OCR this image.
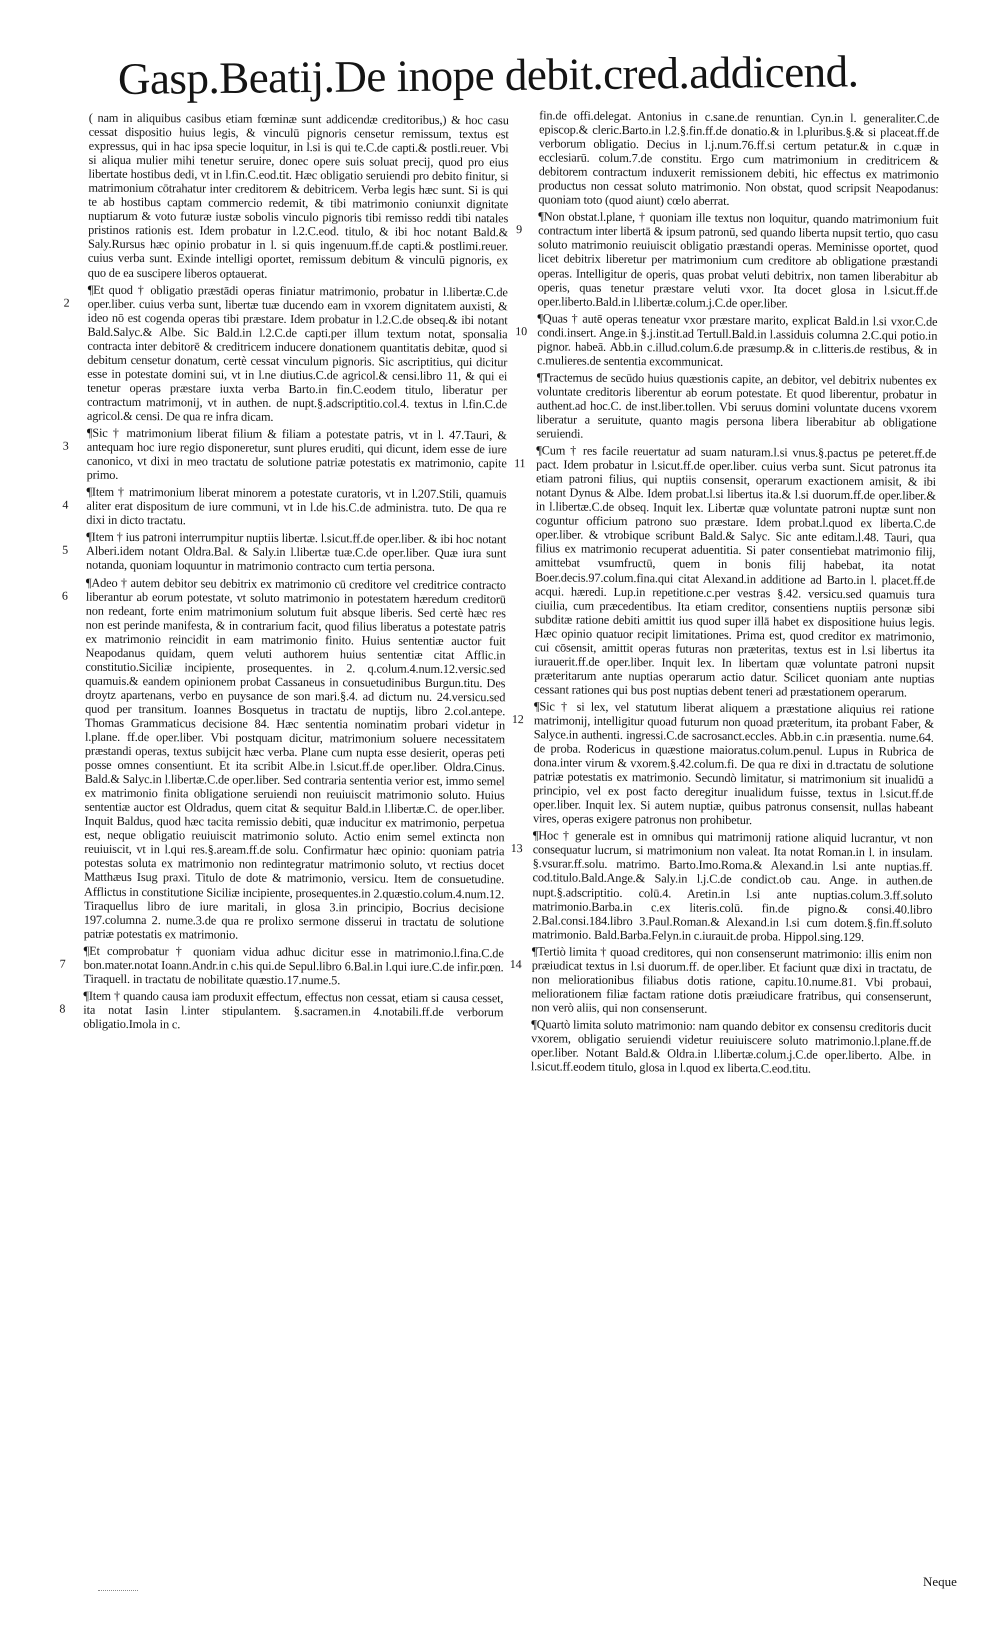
Gasp.Beatij.De inope debit.cred.addicend.

( nam in aliquibus casibus etiam fœminæ sunt addicendæ creditoribus,) & hoc casu cessat dispositio huius legis, & vinculū pignoris censetur remissum, textus est expressus, qui in hac ipsa specie loquitur, in l.si is qui te.C.de capti.& postli.reuer. Vbi si aliqua mulier mihi tenetur seruire, donec opere suis soluat precij, quod pro eius libertate hostibus dedi, vt in l.fin.C.eod.tit. Hæc obligatio seruiendi pro debito finitur, si matrimonium cōtrahatur inter creditorem & debitricem. Verba legis hæc sunt. Si is qui te ab hostibus captam commercio redemit, & tibi matrimonio coniunxit dignitate nuptiarum & voto futuræ iustæ sobolis vinculo pignoris tibi remisso reddi tibi natales pristinos rationis est. Idem probatur in l.2.C.eod. titulo, & ibi hoc notant Bald.& Saly.Rursus hæc opinio probatur in l. si quis ingenuum.ff.de capti.& postlimi.reuer. cuius verba sunt. Exinde intelligi oportet, remissum debitum & vinculū pignoris, ex quo de ea suscipere liberos optauerat.

2
¶Et quod † obligatio præstādi operas finiatur matrimonio, probatur in l.libertæ.C.de oper.liber. cuius verba sunt, libertæ tuæ ducendo eam in vxorem dignitatem auxisti, & ideo nō est cogenda operas tibi præstare. Idem probatur in l.2.C.de obseq.& ibi notant Bald.Salyc.& Albe. Sic Bald.in l.2.C.de capti.per illum textum notat, sponsalia contracta inter debitorē & creditricem inducere donationem quantitatis debitæ, quod si debitum censetur donatum, certè cessat vinculum pignoris. Sic ascriptitius, qui dicitur esse in potestate domini sui, vt in l.ne diutius.C.de agricol.& censi.libro 11, & qui ei tenetur operas præstare iuxta verba Barto.in fin.C.eodem titulo, liberatur per contractum matrimonij, vt in authen. de nupt.§.adscriptitio.col.4. textus in l.fin.C.de agricol.& censi. De qua re infra dicam.

3
¶Sic † matrimonium liberat filium & filiam a potestate patris, vt in l. 47.Tauri, & antequam hoc iure regio disponeretur, sunt plures eruditi, qui dicunt, idem esse de iure canonico, vt dixi in meo tractatu de solutione patriæ potestatis ex matrimonio, capite primo.

4
¶Item † matrimonium liberat minorem a potestate curatoris, vt in l.207.Stili, quamuis aliter erat dispositum de iure communi, vt in l.de his.C.de administra. tuto. De qua re dixi in dicto tractatu.

5
¶Item † ius patroni interrumpitur nuptiis libertæ. l.sicut.ff.de oper.liber. & ibi hoc notant Alberi.idem notant Oldra.Bal. & Saly.in l.libertæ tuæ.C.de oper.liber. Quæ iura sunt notanda, quoniam loquuntur in matrimonio contracto cum tertia persona.

6
¶Adeo † autem debitor seu debitrix ex matrimonio cū creditore vel creditrice contracto liberantur ab eorum potestate, vt soluto matrimonio in potestatem hæredum creditorū non redeant, forte enim matrimonium solutum fuit absque liberis. Sed certè hæc res non est perinde manifesta, & in contrarium facit, quod filius liberatus a potestate patris ex matrimonio reincidit in eam matrimonio finito. Huius sententiæ auctor fuit Neapodanus quidam, quem veluti authorem huius sententiæ citat Afflic.in constitutio.Siciliæ incipiente, prosequentes. in 2. q.colum.4.num.12.versic.sed quamuis.& eandem opinionem probat Cassaneus in consuetudinibus Burgun.titu. Des droytz apartenans, verbo en puysance de son mari.§.4. ad dictum nu. 24.versicu.sed quod per transitum. Ioannes Bosquetus in tractatu de nuptijs, libro 2.col.antepe. Thomas Grammaticus decisione 84. Hæc sententia nominatim probari videtur in l.plane. ff.de oper.liber. Vbi postquam dicitur, matrimonium soluere necessitatem præstandi operas, textus subijcit hæc verba. Plane cum nupta esse desierit, operas peti posse omnes consentiunt. Et ita scribit Albe.in l.sicut.ff.de oper.liber. Oldra.Cinus. Bald.& Salyc.in l.libertæ.C.de oper.liber. Sed contraria sententia verior est, immo semel ex matrimonio finita obligatione seruiendi non reuiuiscit matrimonio soluto. Huius sententiæ auctor est Oldradus, quem citat & sequitur Bald.in l.libertæ.C. de oper.liber. Inquit Baldus, quod hæc tacita remissio debiti, quæ inducitur ex matrimonio, perpetua est, neque obligatio reuiuiscit matrimonio soluto. Actio enim semel extincta non reuiuiscit, vt in l.qui res.§.aream.ff.de solu. Confirmatur hæc opinio: quoniam patria potestas soluta ex matrimonio non redintegratur matrimonio soluto, vt rectius docet Matthæus Isug praxi. Titulo de dote & matrimonio, versicu. Item de consuetudine. Afflictus in constitutione Siciliæ incipiente, prosequentes.in 2.quæstio.colum.4.num.12. Tiraquellus libro de iure maritali, in glosa 3.in principio, Bocrius decisione 197.columna 2. nume.3.de qua re prolixo sermone disserui in tractatu de solutione patriæ potestatis ex matrimonio.

7
¶Et comprobatur † quoniam vidua adhuc dicitur esse in matrimonio.l.fina.C.de bon.mater.notat Ioann.Andr.in c.his qui.de Sepul.libro 6.Bal.in l.qui iure.C.de infir.pœn. Tiraquell. in tractatu de nobilitate quæstio.17.nume.5.

8
¶Item † quando causa iam produxit effectum, effectus non cessat, etiam si causa cesset, ita notat Iasin l.inter stipulantem. §.sacramen.in 4.notabili.ff.de verborum obligatio.Imola in c.

fin.de offi.delegat. Antonius in c.sane.de renuntian. Cyn.in l. generaliter.C.de episcop.& cleric.Barto.in l.2.§.fin.ff.de donatio.& in l.pluribus.§.& si placeat.ff.de verborum obligatio. Decius in l.j.num.76.ff.si certum petatur.& in c.quæ in ecclesiarū. colum.7.de constitu. Ergo cum matrimonium in creditricem & debitorem contractum induxerit remissionem debiti, hic effectus ex matrimonio productus non cessat soluto matrimonio. Non obstat, quod scripsit Neapodanus: quoniam toto (quod aiunt) cœlo aberrat.

9
¶Non obstat.l.plane, † quoniam ille textus non loquitur, quando matrimonium fuit contractum inter libertā & ipsum patronū, sed quando liberta nupsit tertio, quo casu soluto matrimonio reuiuiscit obligatio præstandi operas. Meminisse oportet, quod licet debitrix liberetur per matrimonium cum creditore ab obligatione præstandi operas. Intelligitur de operis, quas probat veluti debitrix, non tamen liberabitur ab operis, quas tenetur præstare veluti vxor. Ita docet glosa in l.sicut.ff.de oper.liberto.Bald.in l.libertæ.colum.j.C.de oper.liber.

10
¶Quas † autē operas teneatur vxor præstare marito, explicat Bald.in l.si vxor.C.de condi.insert. Ange.in §.j.instit.ad Tertull.Bald.in l.assiduis columna 2.C.qui potio.in pignor. habeā. Abb.in c.illud.colum.6.de præsump.& in c.litteris.de restibus, & in c.mulieres.de sententia excommunicat.

¶Tractemus de secūdo huius quæstionis capite, an debitor, vel debitrix nubentes ex voluntate creditoris liberentur ab eorum potestate. Et quod liberentur, probatur in authent.ad hoc.C. de inst.liber.tollen. Vbi seruus domini voluntate ducens vxorem liberatur a seruitute, quanto magis persona libera liberabitur ab obligatione seruiendi.

11
¶Cum † res facile reuertatur ad suam naturam.l.si vnus.§.pactus pe peteret.ff.de pact. Idem probatur in l.sicut.ff.de oper.liber. cuius verba sunt. Sicut patronus ita etiam patroni filius, qui nuptiis consensit, operarum exactionem amisit, & ibi notant Dynus & Albe. Idem probat.l.si libertus ita.& l.si duorum.ff.de oper.liber.& in l.libertæ.C.de obseq. Inquit lex. Libertæ quæ voluntate patroni nuptæ sunt non coguntur officium patrono suo præstare. Idem probat.l.quod ex liberta.C.de oper.liber. & vtrobique scribunt Bald.& Salyc. Sic ante editam.l.48. Tauri, qua filius ex matrimonio recuperat aduentitia. Si pater consentiebat matrimonio filij, amittebat vsumfructū, quem in bonis filij habebat, ita notat Boer.decis.97.colum.fina.qui citat Alexand.in additione ad Barto.in l. placet.ff.de acqui. hæredi. Lup.in repetitione.c.per vestras §.42. versicu.sed quamuis tura ciuilia, cum præcedentibus. Ita etiam creditor, consentiens nuptiis personæ sibi subditæ ratione debiti amittit ius quod super illā habet ex dispositione huius legis. Hæc opinio quatuor recipit limitationes. Prima est, quod creditor ex matrimonio, cui cōsensit, amittit operas futuras non præteritas, textus est in l.si libertus ita iurauerit.ff.de oper.liber. Inquit lex. In libertam quæ voluntate patroni nupsit præteritarum ante nuptias operarum actio datur. Scilicet quoniam ante nuptias cessant rationes qui bus post nuptias debent teneri ad præstationem operarum.

12
¶Sic † si lex, vel statutum liberat aliquem a præstatione aliquius rei ratione matrimonij, intelligitur quoad futurum non quoad præteritum, ita probant Faber, & Salyce.in authenti. ingressi.C.de sacrosanct.eccles. Abb.in c.in præsentia. nume.64. de proba. Rodericus in quæstione maioratus.colum.penul. Lupus in Rubrica de dona.inter virum & vxorem.§.42.colum.fi. De qua re dixi in d.tractatu de solutione patriæ potestatis ex matrimonio. Secundò limitatur, si matrimonium sit inualidū a principio, vel ex post facto deregitur inualidum fuisse, textus in l.sicut.ff.de oper.liber. Inquit lex. Si autem nuptiæ, quibus patronus consensit, nullas habeant vires, operas exigere patronus non prohibetur.

13
¶Hoc † generale est in omnibus qui matrimonij ratione aliquid lucrantur, vt non consequatur lucrum, si matrimonium non valeat. Ita notat Roman.in l. in insulam. §.vsurar.ff.solu. matrimo. Barto.Imo.Roma.& Alexand.in l.si ante nuptias.ff. cod.titulo.Bald.Ange.& Saly.in l.j.C.de condict.ob cau. Ange. in authen.de nupt.§.adscriptitio. colū.4. Aretin.in l.si ante nuptias.colum.3.ff.soluto matrimonio.Barba.in c.ex literis.colū. fin.de pigno.& consi.40.libro 2.Bal.consi.184.libro 3.Paul.Roman.& Alexand.in l.si cum dotem.§.fin.ff.soluto matrimonio. Bald.Barba.Felyn.in c.iurauit.de proba. Hippol.sing.129.

14
¶Tertiò limita † quoad creditores, qui non consenserunt matrimonio: illis enim non præiudicat textus in l.si duorum.ff. de oper.liber. Et faciunt quæ dixi in tractatu, de non meliorationibus filiabus dotis ratione, capitu.10.nume.81. Vbi probaui, meliorationem filiæ factam ratione dotis præiudicare fratribus, qui consenserunt, non verò aliis, qui non consenserunt.

¶Quartò limita soluto matrimonio: nam quando debitor ex consensu creditoris ducit vxorem, obligatio seruiendi videtur reuiuiscere soluto matrimonio.l.plane.ff.de oper.liber. Notant Bald.& Oldra.in l.libertæ.colum.j.C.de oper.liberto. Albe. in l.sicut.ff.eodem titulo, glosa in l.quod ex liberta.C.eod.titu.

Neque
